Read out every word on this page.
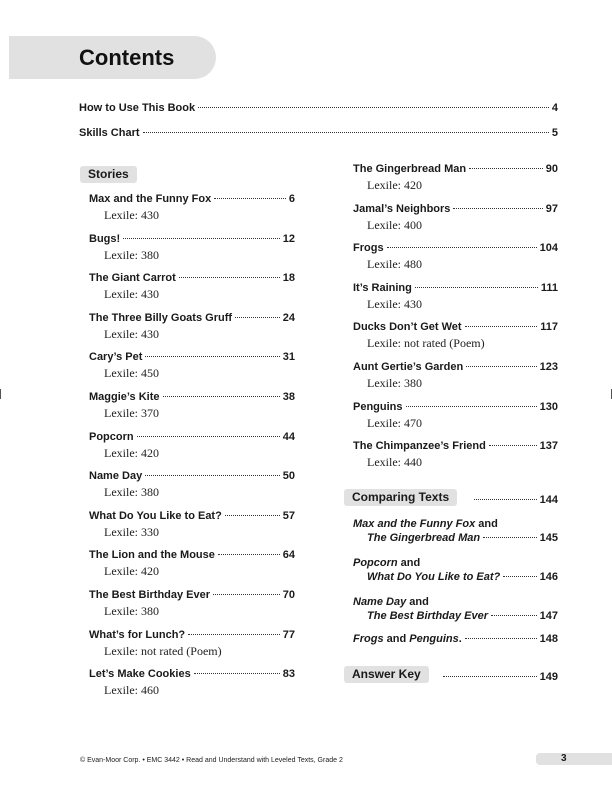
Contents
How to Use This Book	4
Skills Chart	5
Stories
Max and the Funny Fox	6
Lexile: 430
Bugs!	12
Lexile: 380
The Giant Carrot	18
Lexile: 430
The Three Billy Goats Gruff	24
Lexile: 430
Cary’s Pet	31
Lexile: 450
Maggie’s Kite	38
Lexile: 370
Popcorn	44
Lexile: 420
Name Day	50
Lexile: 380
What Do You Like to Eat?	57
Lexile: 330
The Lion and the Mouse	64
Lexile: 420
The Best Birthday Ever	70
Lexile: 380
What’s for Lunch?	77
Lexile: not rated (Poem)
Let’s Make Cookies	83
Lexile: 460
The Gingerbread Man	90
Lexile: 420
Jamal’s Neighbors	97
Lexile: 400
Frogs	104
Lexile: 480
It’s Raining	111
Lexile: 430
Ducks Don’t Get Wet	117
Lexile: not rated (Poem)
Aunt Gertie’s Garden	123
Lexile: 380
Penguins	130
Lexile: 470
The Chimpanzee’s Friend	137
Lexile: 440
Comparing Texts	144
Max and the Funny Fox and
The Gingerbread Man	145
Popcorn and
What Do You Like to Eat?	146
Name Day and
The Best Birthday Ever	147
Frogs and Penguins.	148
Answer Key	149
© Evan-Moor Corp. • EMC 3442 • Read and Understand with Leveled Texts, Grade 2	3
